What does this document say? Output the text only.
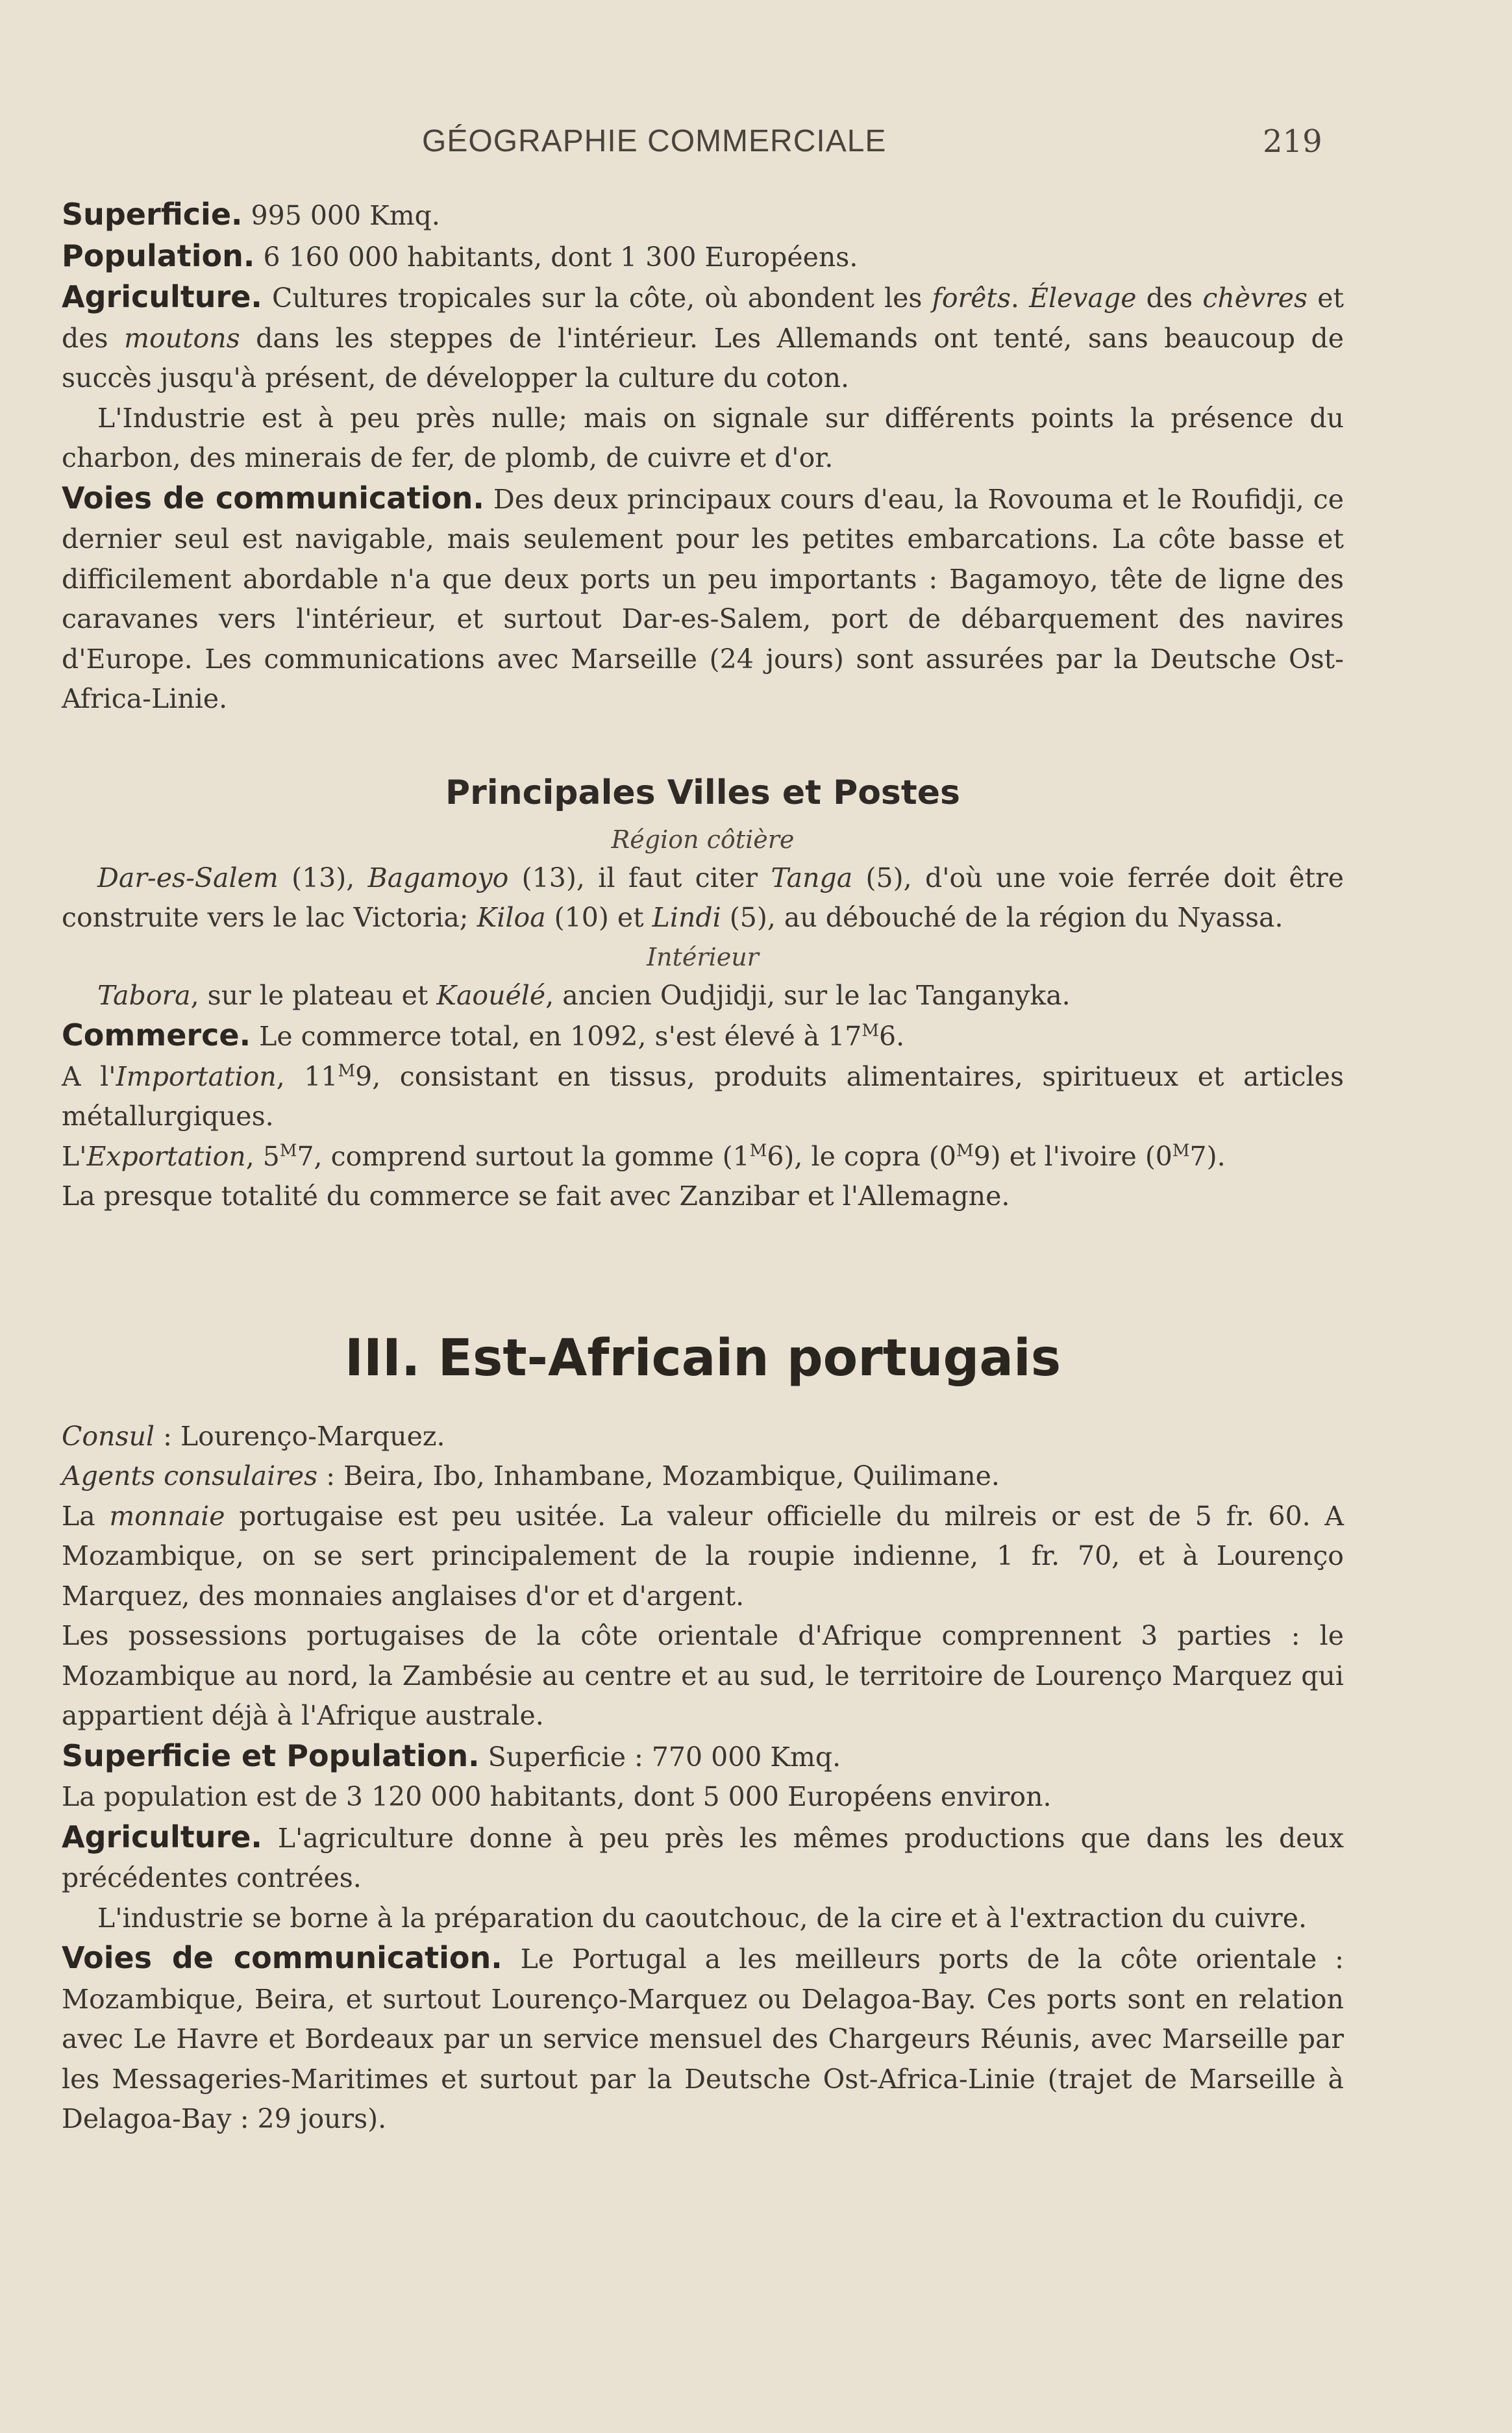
GÉOGRAPHIE COMMERCIALE	219

Superficie. 995 000 Kmq.

Population. 6 160 000 habitants, dont 1 300 Européens.

Agriculture. Cultures tropicales sur la côte, où abondent les forêts. Élevage des chèvres et des moutons dans les steppes de l'intérieur. Les Allemands ont tenté, sans beaucoup de succès jusqu'à présent, de développer la culture du coton.

L'Industrie est à peu près nulle; mais on signale sur différents points la présence du charbon, des minerais de fer, de plomb, de cuivre et d'or.

Voies de communication. Des deux principaux cours d'eau, la Rovouma et le Roufidji, ce dernier seul est navigable, mais seulement pour les petites embarcations. La côte basse et difficilement abordable n'a que deux ports un peu importants : Bagamoyo, tête de ligne des caravanes vers l'intérieur, et surtout Dar-es-Salem, port de débarquement des navires d'Europe. Les communications avec Marseille (24 jours) sont assurées par la Deutsche Ost-Africa-Linie.

Principales Villes et Postes
Région côtière

Dar-es-Salem (13), Bagamoyo (13), il faut citer Tanga (5), d'où une voie ferrée doit être construite vers le lac Victoria; Kiloa (10) et Lindi (5), au débouché de la région du Nyassa.

Intérieur

Tabora, sur le plateau et Kaouélé, ancien Oudjidji, sur le lac Tanganyka.

Commerce. Le commerce total, en 1092, s'est élevé à $17^M6$.

A l'Importation, $11^M9$, consistant en tissus, produits alimentaires, spiritueux et articles métallurgiques.

L'Exportation, $5^M7$, comprend surtout la gomme $(1^M6)$, le copra $(0^M9)$ et l'ivoire $(0^M7)$.

La presque totalité du commerce se fait avec Zanzibar et l'Allemagne.

III. Est-Africain portugais

Consul : Lourenço-Marquez.

Agents consulaires : Beira, Ibo, Inhambane, Mozambique, Quilimane.

La monnaie portugaise est peu usitée. La valeur officielle du milreis or est de 5 fr. 60. A Mozambique, on se sert principalement de la roupie indienne, 1 fr. 70, et à Lourenço Marquez, des monnaies anglaises d'or et d'argent.

Les possessions portugaises de la côte orientale d'Afrique comprennent 3 parties : le Mozambique au nord, la Zambésie au centre et au sud, le territoire de Lourenço Marquez qui appartient déjà à l'Afrique australe.

Superficie et Population. Superficie : 770 000 Kmq.

La population est de 3 120 000 habitants, dont 5 000 Européens environ.

Agriculture. L'agriculture donne à peu près les mêmes productions que dans les deux précédentes contrées.

L'industrie se borne à la préparation du caoutchouc, de la cire et à l'extraction du cuivre.

Voies de communication. Le Portugal a les meilleurs ports de la côte orientale : Mozambique, Beira, et surtout Lourenço-Marquez ou Delagoa-Bay. Ces ports sont en relation avec Le Havre et Bordeaux par un service mensuel des Chargeurs Réunis, avec Marseille par les Messageries-Maritimes et surtout par la Deutsche Ost-Africa-Linie (trajet de Marseille à Delagoa-Bay : 29 jours).
